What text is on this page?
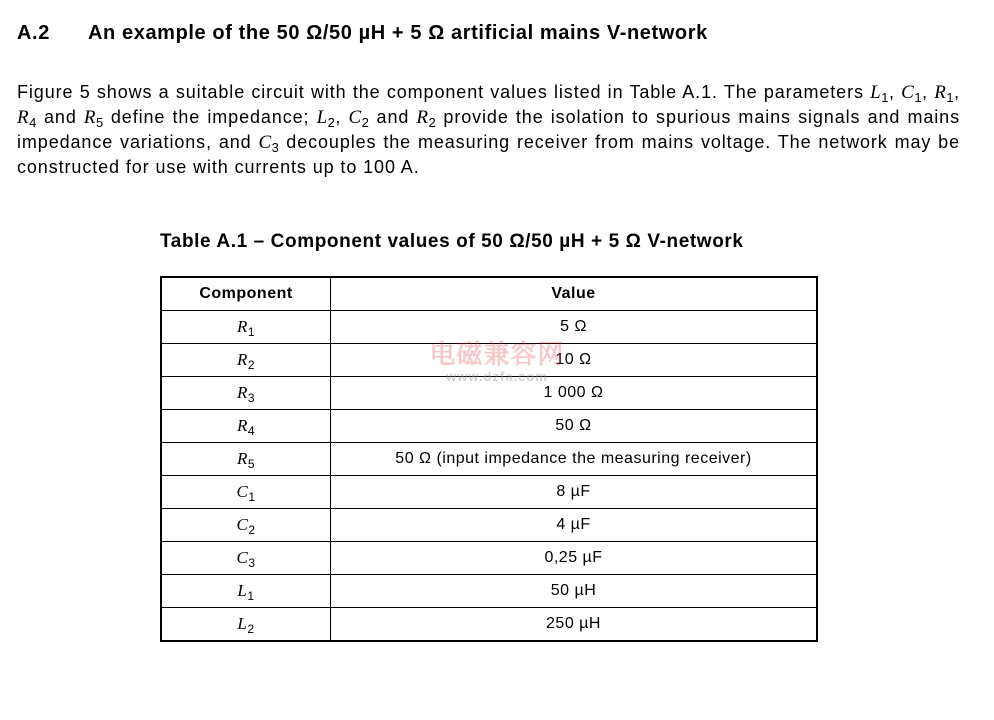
A.2 An example of the 50 Ω/50 µH + 5 Ω artificial mains V-network

Figure 5 shows a suitable circuit with the component values listed in Table A.1. The parameters $L_1$, $C_1$, $R_1$, $R_4$ and $R_5$ define the impedance; $L_2$, $C_2$ and $R_2$ provide the isolation to spurious mains signals and mains impedance variations, and $C_3$ decouples the measuring receiver from mains voltage. The network may be constructed for use with currents up to 100 A.

Table A.1 – Component values of 50 Ω/50 µH + 5 Ω V-network
Component	Value
$R_1$	5 Ω
$R_2$	10 Ω
$R_3$	1 000 Ω
$R_4$	50 Ω
$R_5$	50 Ω (input impedance the measuring receiver)
$C_1$	8 µF
$C_2$	4 µF
$C_3$	0,25 µF
$L_1$	50 µH
$L_2$	250 µH
电磁兼容网
www.dzfa.com
